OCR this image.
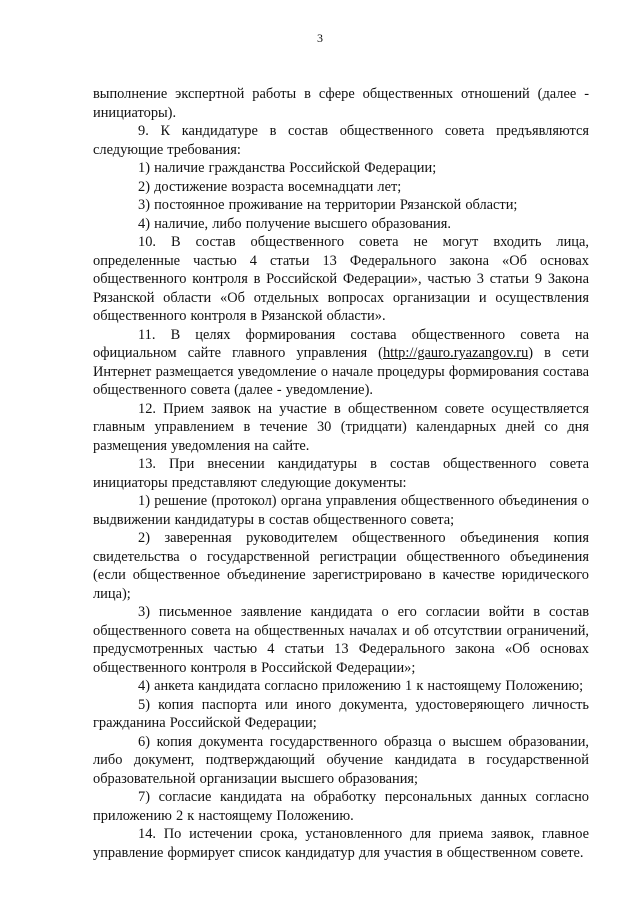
3

выполнение экспертной работы в сфере общественных отношений (далее - инициаторы).

9. К кандидатуре в состав общественного совета предъявляются следующие требования:

1) наличие гражданства Российской Федерации;

2) достижение возраста восемнадцати лет;

3) постоянное проживание на территории Рязанской области;

4) наличие, либо получение высшего образования.

10. В состав общественного совета не могут входить лица, определенные частью 4 статьи 13 Федерального закона «Об основах общественного контроля в Российской Федерации», частью 3 статьи 9 Закона Рязанской области «Об отдельных вопросах организации и осуществления общественного контроля в Рязанской области».

11. В целях формирования состава общественного совета на официальном сайте главного управления (http://gauro.ryazangov.ru) в сети Интернет размещается уведомление о начале процедуры формирования состава общественного совета (далее - уведомление).

12. Прием заявок на участие в общественном совете осуществляется главным управлением в течение 30 (тридцати) календарных дней со дня размещения уведомления на сайте.

13. При внесении кандидатуры в состав общественного совета инициаторы представляют следующие документы:

1) решение (протокол) органа управления общественного объединения о выдвижении кандидатуры в состав общественного совета;

2) заверенная руководителем общественного объединения копия свидетельства о государственной регистрации общественного объединения (если общественное объединение зарегистрировано в качестве юридического лица);

3) письменное заявление кандидата о его согласии войти в состав общественного совета на общественных началах и об отсутствии ограничений, предусмотренных частью 4 статьи 13 Федерального закона «Об основах общественного контроля в Российской Федерации»;

4) анкета кандидата согласно приложению 1 к настоящему Положению;

5) копия паспорта или иного документа, удостоверяющего личность гражданина Российской Федерации;

6) копия документа государственного образца о высшем образовании, либо документ, подтверждающий обучение кандидата в государственной образовательной организации высшего образования;

7) согласие кандидата на обработку персональных данных согласно приложению 2 к настоящему Положению.

14. По истечении срока, установленного для приема заявок, главное управление формирует список кандидатур для участия в общественном совете.
